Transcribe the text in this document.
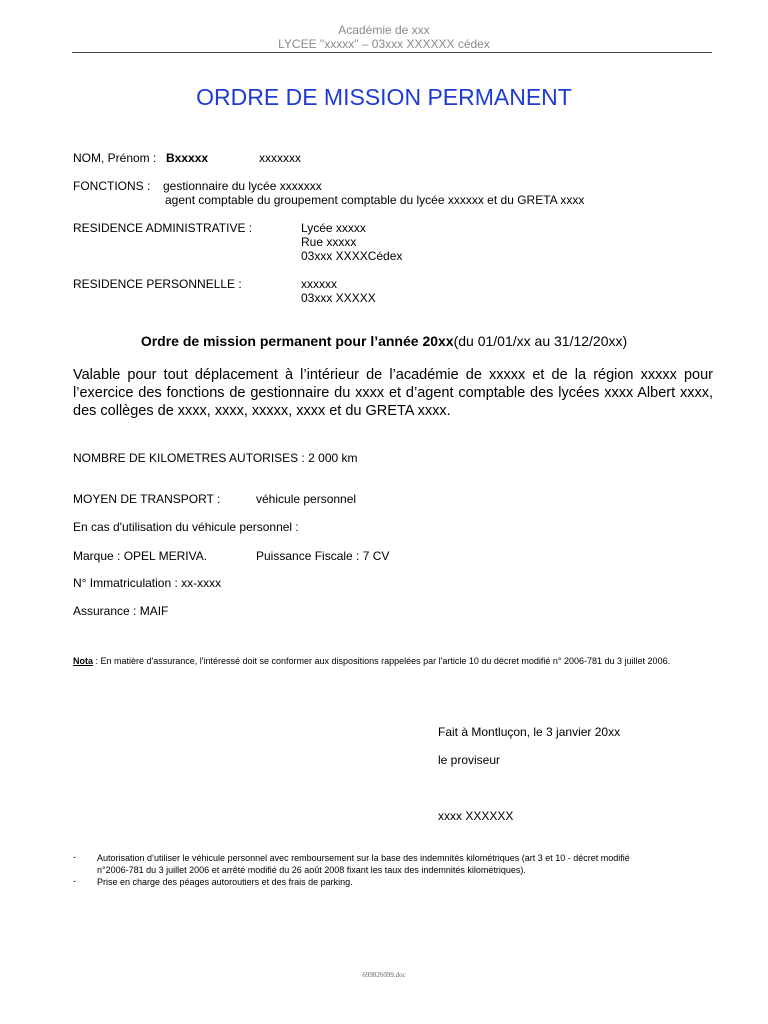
Académie de xxx
LYCEE "xxxxx" – 03xxx XXXXXX cédex
ORDRE DE MISSION PERMANENT
NOM, Prénom : Bxxxxx	xxxxxxx
FONCTIONS : gestionnaire du lycée xxxxxxx
agent comptable du groupement comptable du lycée xxxxxx et du GRETA xxxx
RESIDENCE ADMINISTRATIVE :	Lycée xxxxx
Rue xxxxx
03xxx XXXXCédex
RESIDENCE PERSONNELLE :	xxxxxx
03xxx XXXXX
Ordre de mission permanent pour l’année 20xx(du 01/01/xx au 31/12/20xx)
Valable pour tout déplacement à l’intérieur de l’académie de xxxxx et de la région xxxxx pour l’exercice des fonctions de gestionnaire du xxxx et d’agent comptable des lycées xxxx Albert xxxx, des collèges de xxxx, xxxx, xxxxx, xxxx et du GRETA xxxx.
NOMBRE DE KILOMETRES AUTORISES : 2 000 km
MOYEN DE TRANSPORT :	véhicule personnel
En cas d'utilisation du véhicule personnel :
Marque : OPEL MERIVA.	Puissance Fiscale : 7 CV
N° Immatriculation : xx-xxxx
Assurance : MAIF
Nota : En matière d'assurance, l'intéressé doit se conformer aux dispositions rappelées par l'article 10 du décret modifié n° 2006-781 du 3 juillet 2006.
Fait à Montluçon, le 3 janvier 20xx
le proviseur
xxxx XXXXXX
- Autorisation d’utiliser le véhicule personnel avec remboursement sur la base des indemnités kilométriques (art 3 et 10 - décret modifié
n°2006-781 du 3 juillet 2006 et arrêté modifié du 26 août 2008 fixant les taux des indemnités kilométriques).
- Prise en charge des péages autoroutiers et des frais de parking.
699826099.doc
